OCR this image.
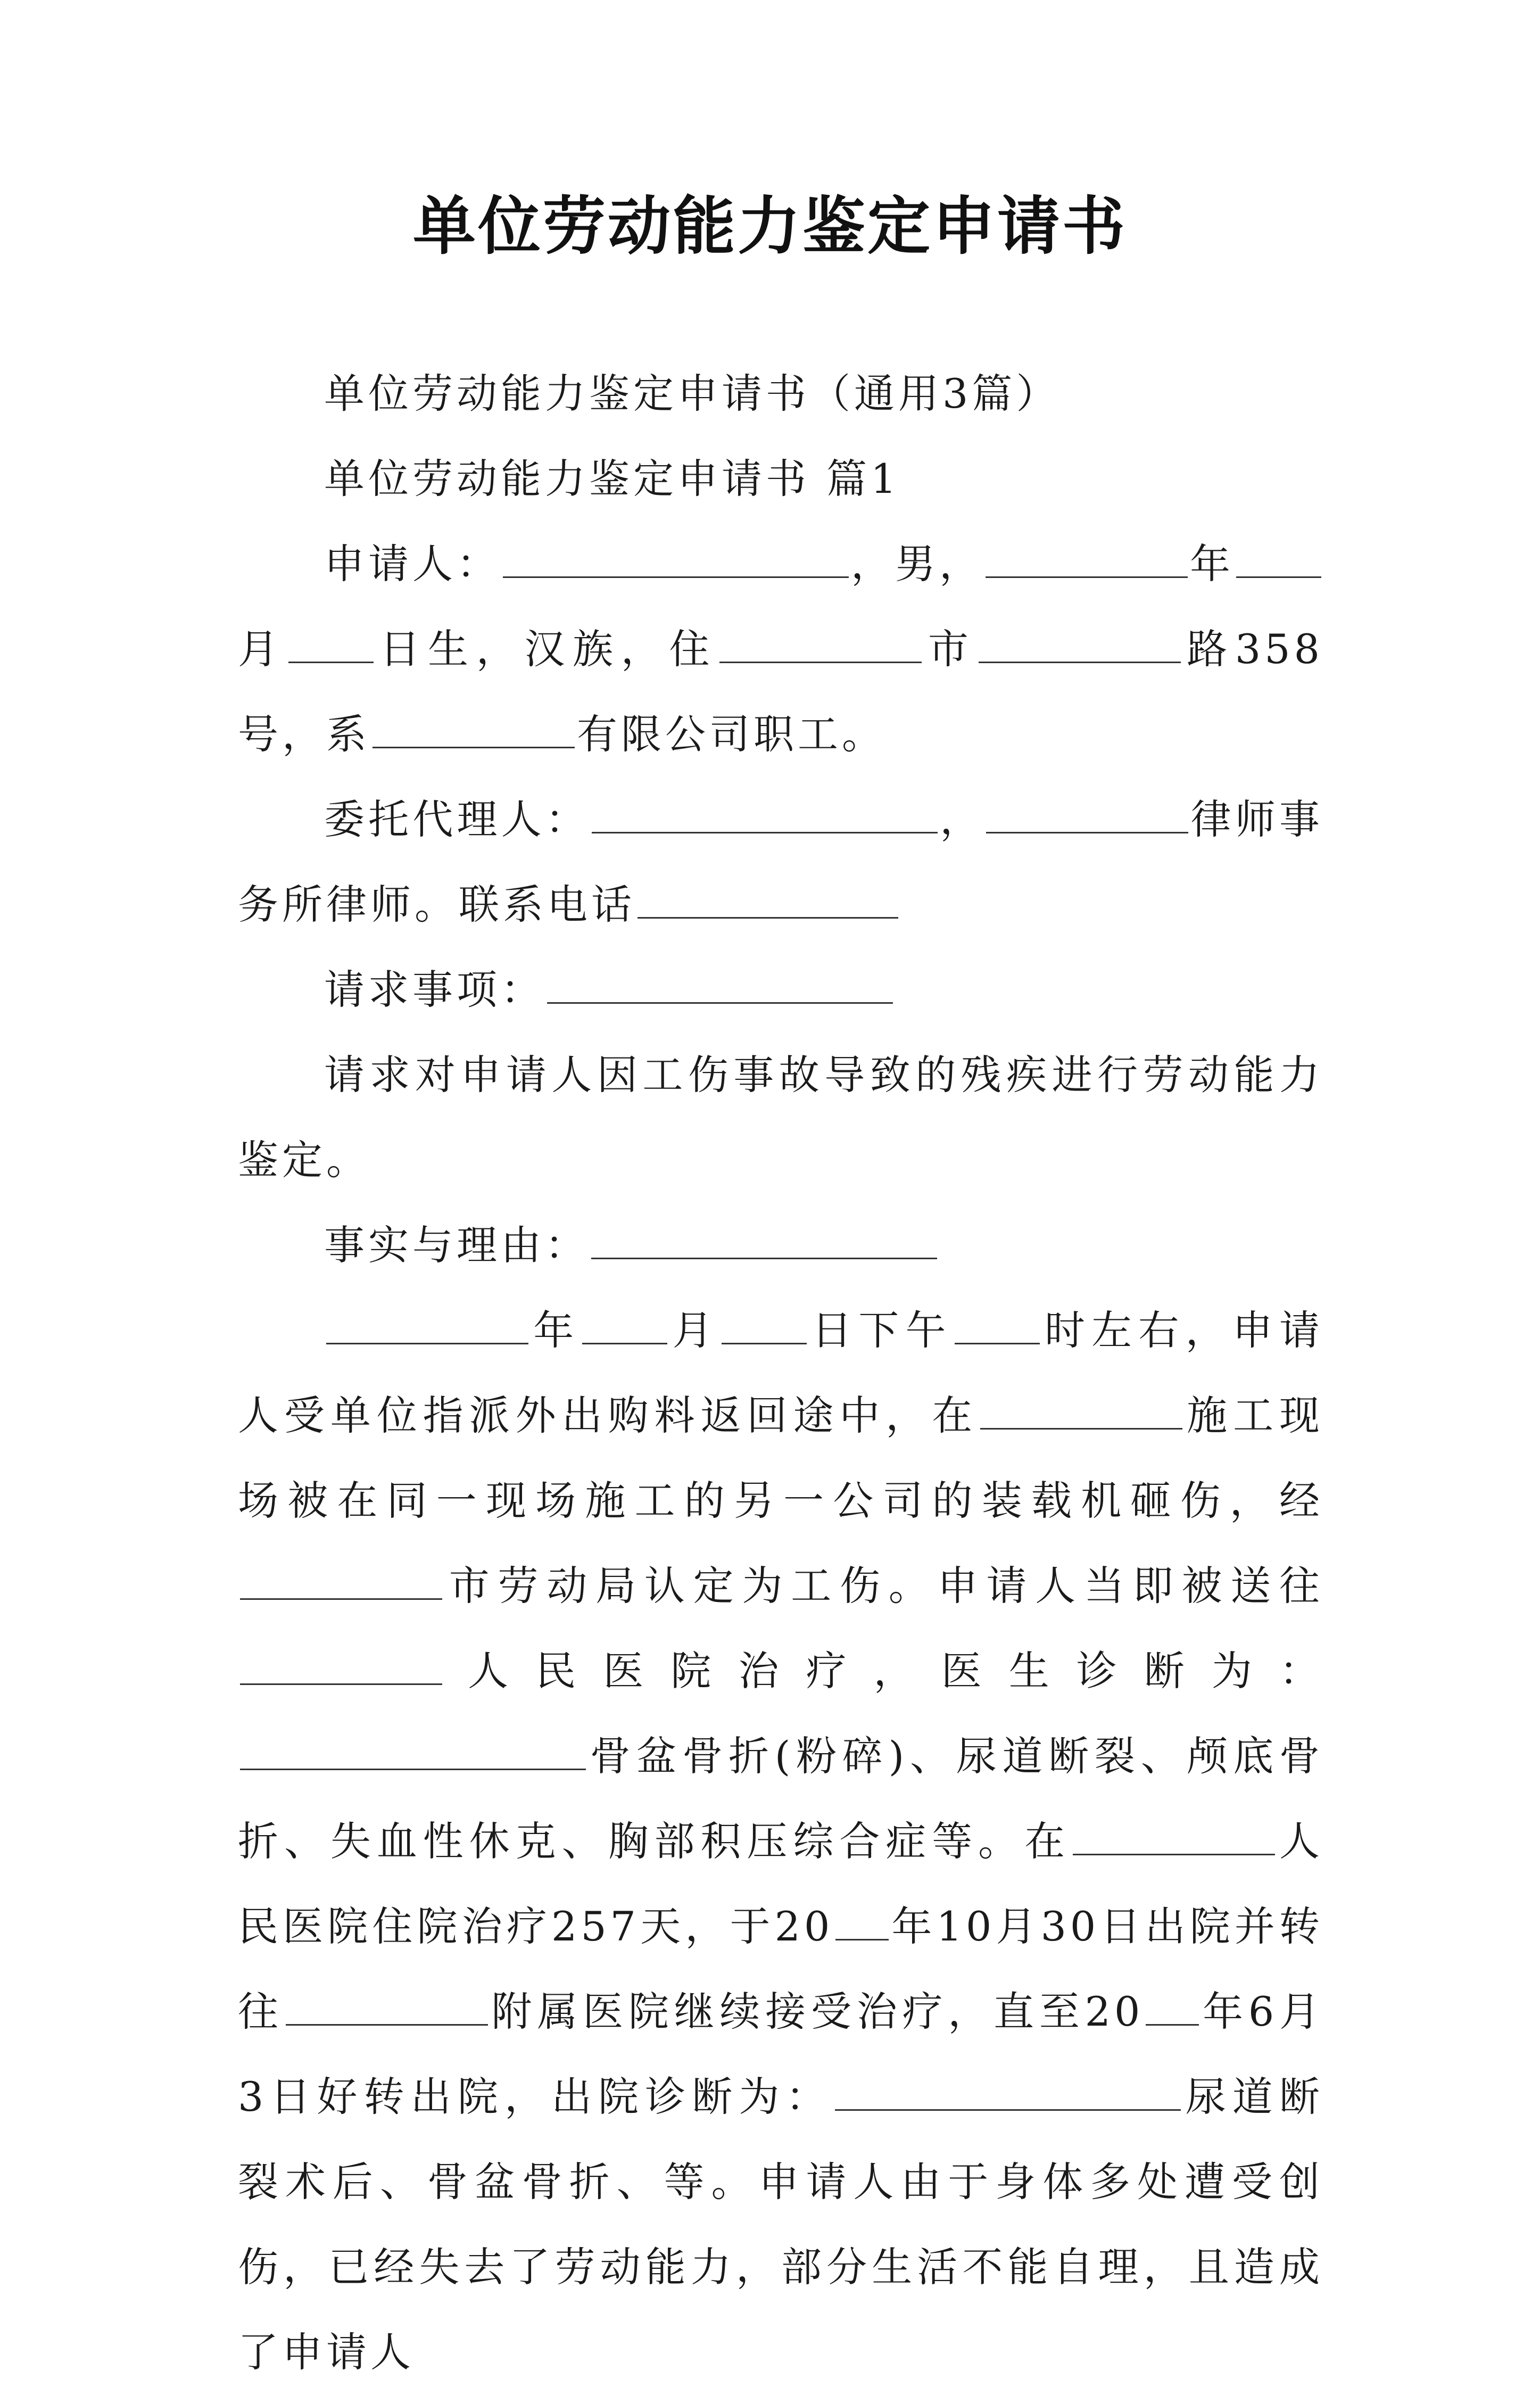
单位劳动能力鉴定申请书

单位劳动能力鉴定申请书（通用3篇）

单位劳动能力鉴定申请书 篇1

申请人：	，男，	年月 日生，汉族，住	市	路358号，系	有限公司职工。

委托代理人：	，	律师事务所律师。联系电话

请求事项：

请求对申请人因工伤事故导致的残疾进行劳动能力鉴定。

事实与理由：

年 月 日下午 时左右，申请人受单位指派外出购料返回途中，在	施工现场被在同一现场施工的另一公司的装载机砸伤，经市劳动局认定为工伤。申请人当即被送往人民医院治疗，医生诊断为：骨盆骨折(粉碎)、尿道断裂、颅底骨折、失血性休克、胸部积压综合症等。在	人民医院住院治疗257天，于20 年10月30日出院并转往	附属医院继续接受治疗，直至20 年6月3日好转出院，出院诊断为：	尿道断裂术后、骨盆骨折、等。申请人由于身体多处遭受创伤，已经失去了劳动能力，部分生活不能自理，且造成了申请人
